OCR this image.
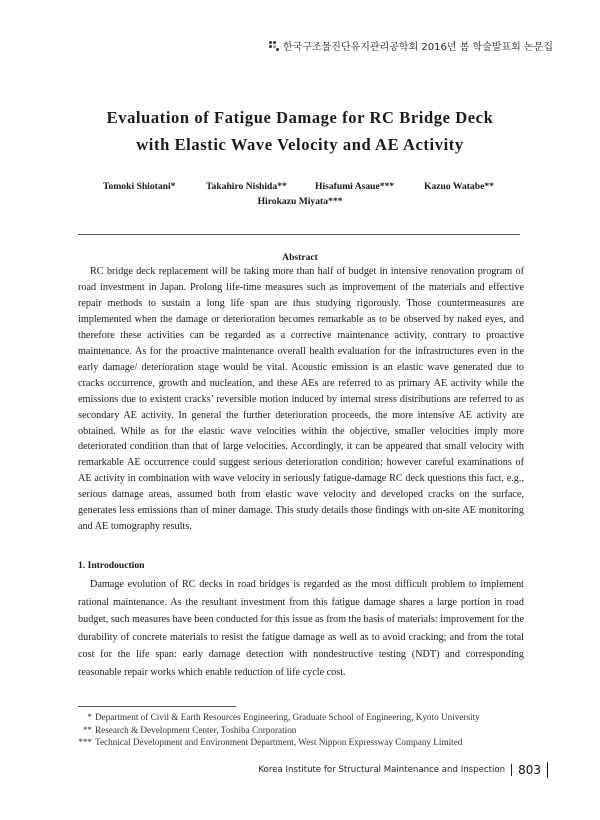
한국구조물진단유지관리공학회 2016년 봄 학술발표회 논문집
Evaluation of Fatigue Damage for RC Bridge Deck
with Elastic Wave Velocity and AE Activity
Tomoki Shiotani*	Takahiro Nishida**	Hisafumi Asaue***	Kazuo Watabe**
Hirokazu Miyata***
Abstract

RC bridge deck replacement will be taking more than half of budget in intensive renovation program of road investment in Japan. Prolong life-time measures such as improvement of the materials and effective repair methods to sustain a long life span are thus studying rigorously. Those countermeasures are implemented when the damage or deterioration becomes remarkable as to be observed by naked eyes, and therefore these activities can be regarded as a corrective maintenance activity, contrary to proactive maintenance. As for the proactive maintenance overall health evaluation for the infrastructures even in the early damage/ deterioration stage would be vital. Acoustic emission is an elastic wave generated due to cracks occurrence, growth and nucleation, and these AEs are referred to as primary AE activity while the emissions due to existent cracks’ reversible motion induced by internal stress distributions are referred to as secondary AE activity. In general the further deterioration proceeds, the more intensive AE activity are obtained. While as for the elastic wave velocities within the objective, smaller velocities imply more deteriorated condition than that of large velocities. Accordingly, it can be appeared that small velocity with remarkable AE occurrence could suggest serious deterioration condition; however careful examinations of AE activity in combination with wave velocity in seriously fatigue-damage RC deck questions this fact, e.g., serious damage areas, assumed both from elastic wave velocity and developed cracks on the surface, generates less emissions than of miner damage. This study details those findings with on-site AE monitoring and AE tomography results.

1. Introdouction

Damage evolution of RC decks in road bridges is regarded as the most difficult problem to implement rational maintenance. As the resultant investment from this fatigue damage shares a large portion in road budget, such measures have been conducted for this issue as from the basis of materials: improvement for the durability of concrete materials to resist the fatigue damage as well as to avoid cracking; and from the total cost for the life span: early damage detection with nondestructive testing (NDT) and corresponding reasonable repair works which enable reduction of life cycle cost.

* Department of Civil & Earth Resources Engineering, Graduate School of Engineering, Kyoto University
** Research & Development Center, Toshiba Corporation
*** Technical Development and Environment Department, West Nippon Expressway Company Limited
Korea Institute for Structural Maintenance and Inspection 803
